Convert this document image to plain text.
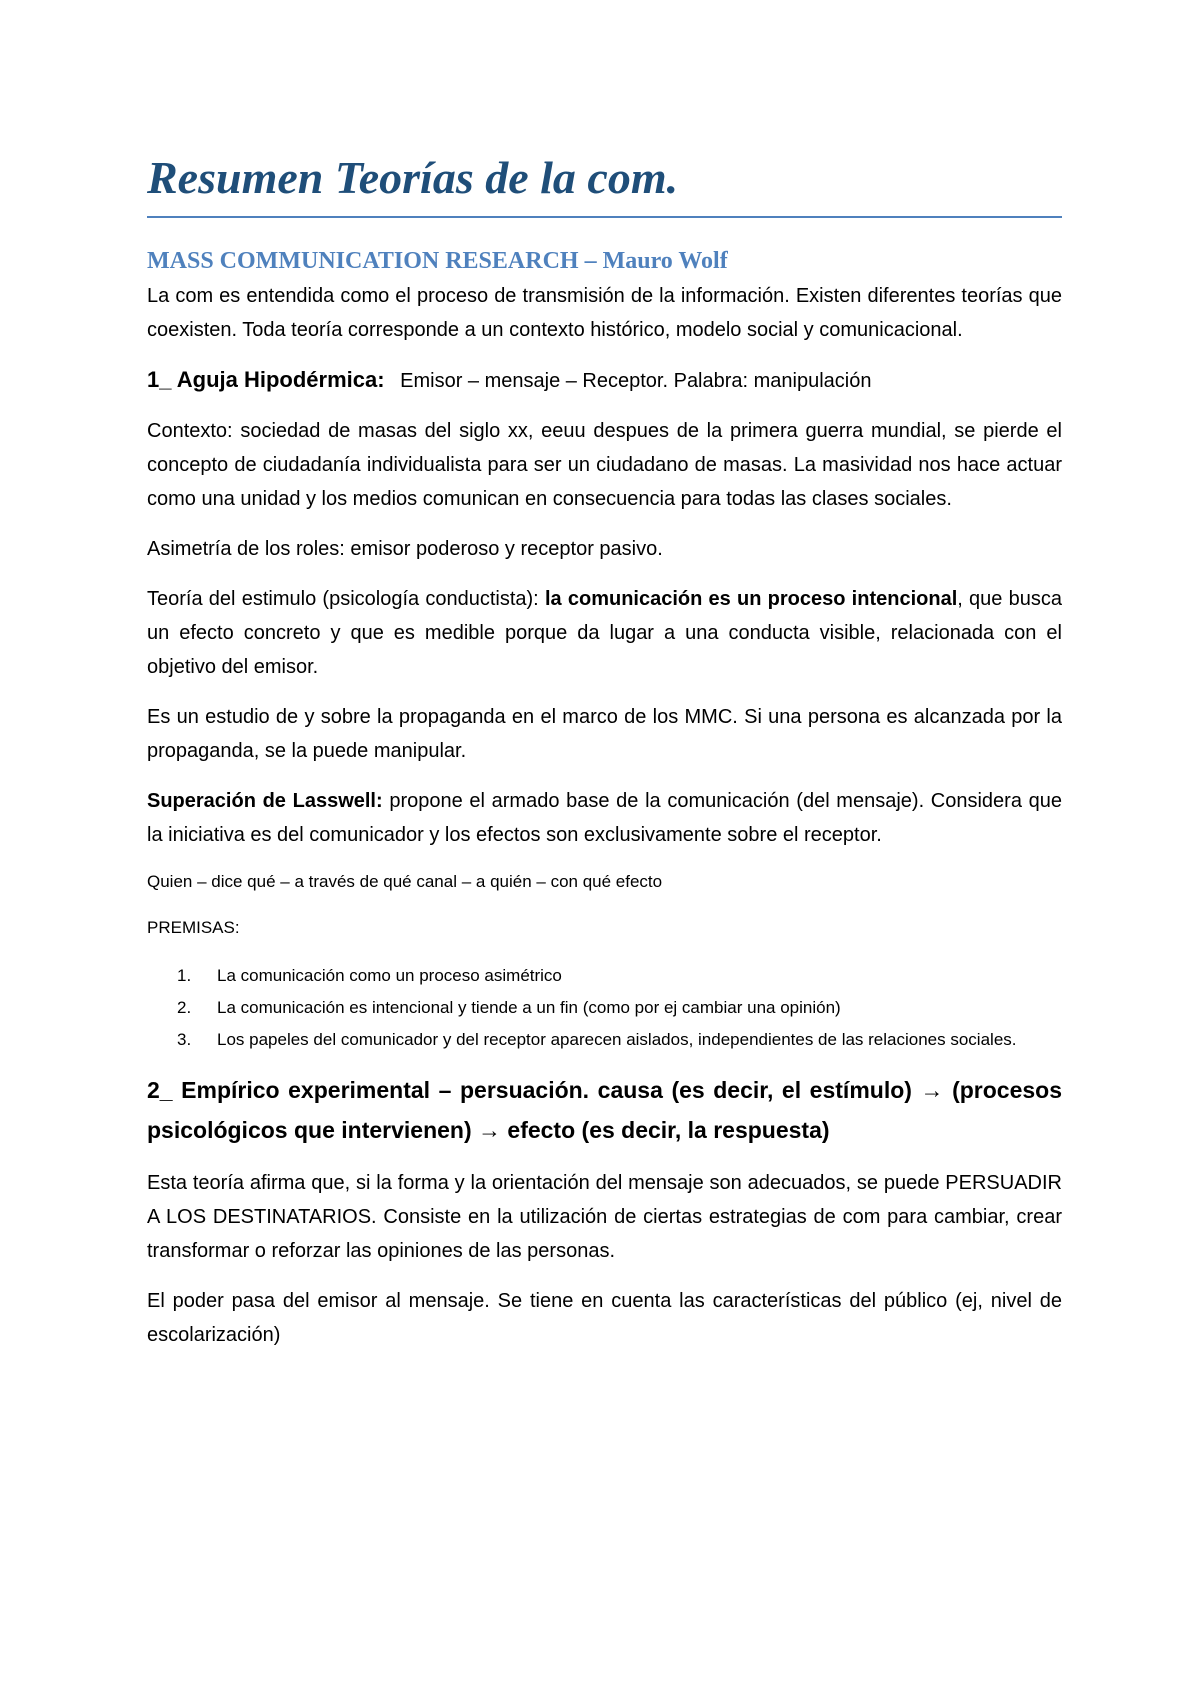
Resumen Teorías de la com.
MASS COMMUNICATION RESEARCH – Mauro Wolf

La com es entendida como el proceso de transmisión de la información. Existen diferentes teorías que coexisten. Toda teoría corresponde a un contexto histórico, modelo social y comunicacional.

1_ Aguja Hipodérmica: Emisor – mensaje – Receptor. Palabra: manipulación

Contexto: sociedad de masas del siglo xx, eeuu despues de la primera guerra mundial, se pierde el concepto de ciudadanía individualista para ser un ciudadano de masas. La masividad nos hace actuar como una unidad y los medios comunican en consecuencia para todas las clases sociales.

Asimetría de los roles: emisor poderoso y receptor pasivo.

Teoría del estimulo (psicología conductista): la comunicación es un proceso intencional, que busca un efecto concreto y que es medible porque da lugar a una conducta visible, relacionada con el objetivo del emisor.

Es un estudio de y sobre la propaganda en el marco de los MMC. Si una persona es alcanzada por la propaganda, se la puede manipular.

Superación de Lasswell: propone el armado base de la comunicación (del mensaje). Considera que la iniciativa es del comunicador y los efectos son exclusivamente sobre el receptor.

Quien – dice qué – a través de qué canal – a quién – con qué efecto

PREMISAS:

1.	La comunicación como un proceso asimétrico
2.	La comunicación es intencional y tiende a un fin (como por ej cambiar una opinión)
3.	Los papeles del comunicador y del receptor aparecen aislados, independientes de las relaciones sociales.
2_ Empírico experimental – persuación. causa (es decir, el estímulo) → (procesos psicológicos que intervienen) → efecto (es decir, la respuesta)

Esta teoría afirma que, si la forma y la orientación del mensaje son adecuados, se puede PERSUADIR A LOS DESTINATARIOS. Consiste en la utilización de ciertas estrategias de com para cambiar, crear transformar o reforzar las opiniones de las personas.

El poder pasa del emisor al mensaje. Se tiene en cuenta las características del público (ej, nivel de escolarización)
